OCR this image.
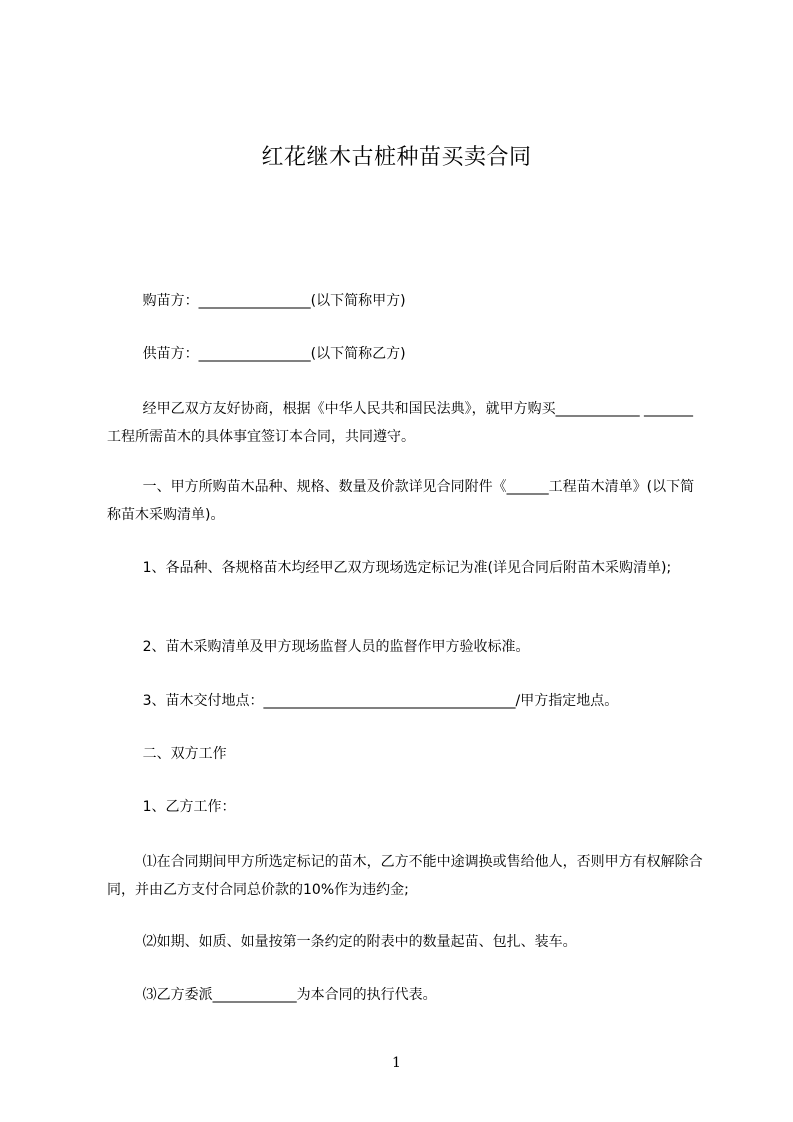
红花继木古桩种苗买卖合同

购苗方：________________(以下简称甲方)

供苗方：________________(以下简称乙方)

经甲乙双方友好协商，根据《中华人民共和国民法典》，就甲方购买____________ _______工程所需苗木的具体事宜签订本合同，共同遵守。

一、甲方所购苗木品种、规格、数量及价款详见合同附件《______工程苗木清单》(以下简称苗木采购清单)。

1、各品种、各规格苗木均经甲乙双方现场选定标记为准(详见合同后附苗木采购清单);

2、苗木采购清单及甲方现场监督人员的监督作甲方验收标准。

3、苗木交付地点：____________________________________/甲方指定地点。

二、双方工作

1、乙方工作：

⑴在合同期间甲方所选定标记的苗木，乙方不能中途调换或售给他人，否则甲方有权解除合同，并由乙方支付合同总价款的10%作为违约金;

⑵如期、如质、如量按第一条约定的附表中的数量起苗、包扎、装车。

⑶乙方委派____________为本合同的执行代表。

1
